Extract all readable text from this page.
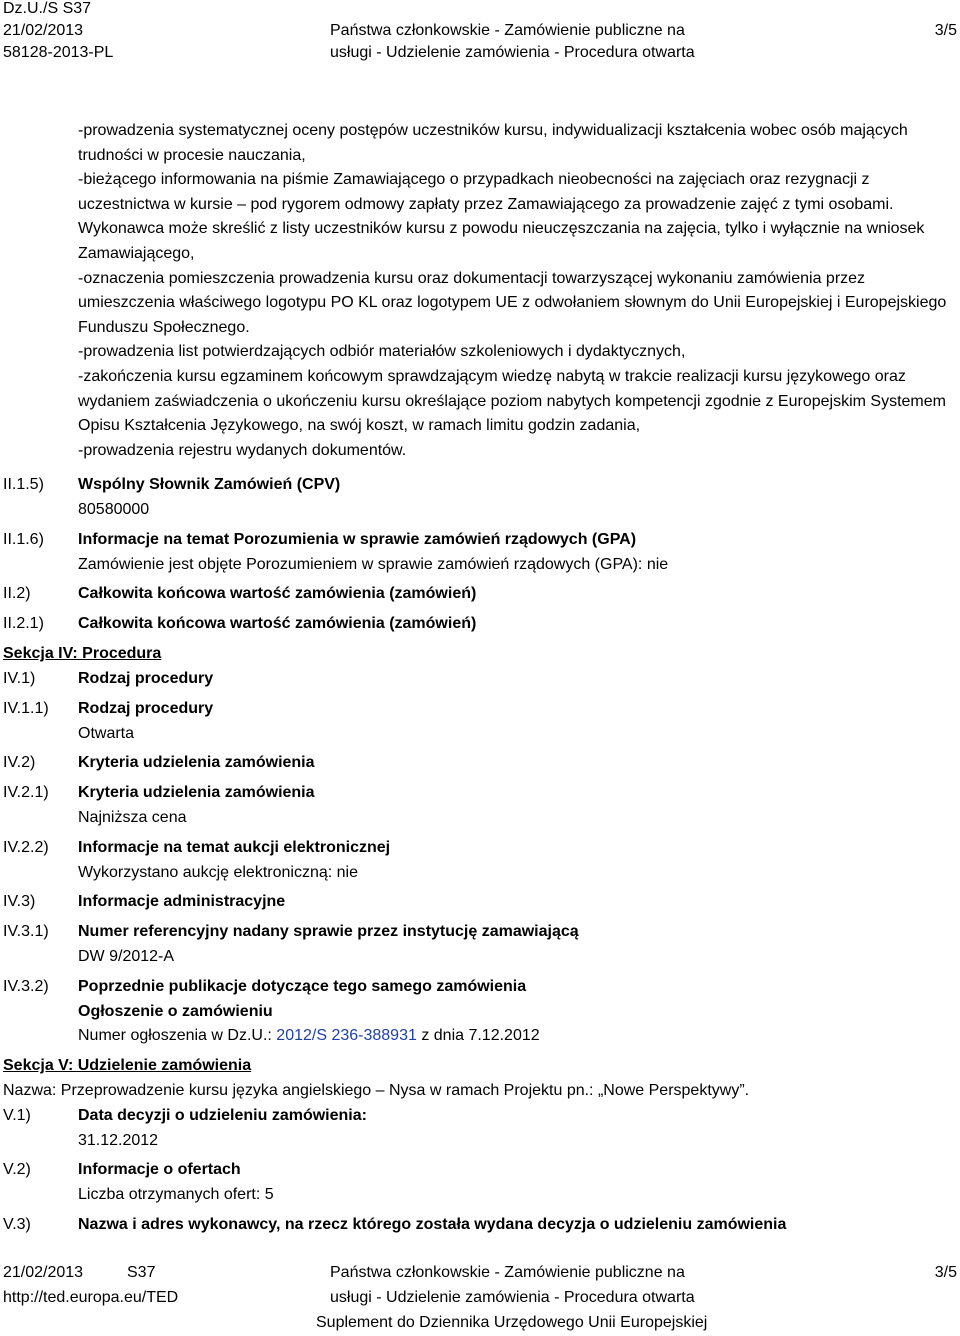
Dz.U./S S37
21/02/2013
58128-2013-PL
Państwa członkowskie - Zamówienie publiczne na
usługi - Udzielenie zamówienia - Procedura otwarta
3/5
-prowadzenia systematycznej oceny postępów uczestników kursu, indywidualizacji kształcenia wobec osób mających trudności w procesie nauczania,
-bieżącego informowania na piśmie Zamawiającego o przypadkach nieobecności na zajęciach oraz rezygnacji z uczestnictwa w kursie – pod rygorem odmowy zapłaty przez Zamawiającego za prowadzenie zajęć z tymi osobami. Wykonawca może skreślić z listy uczestników kursu z powodu nieuczęszczania na zajęcia, tylko i wyłącznie na wniosek Zamawiającego,
-oznaczenia pomieszczenia prowadzenia kursu oraz dokumentacji towarzyszącej wykonaniu zamówienia przez umieszczenia właściwego logotypu PO KL oraz logotypem UE z odwołaniem słownym do Unii Europejskiej i Europejskiego Funduszu Społecznego.
-prowadzenia list potwierdzających odbiór materiałów szkoleniowych i dydaktycznych,
-zakończenia kursu egzaminem końcowym sprawdzającym wiedzę nabytą w trakcie realizacji kursu językowego oraz wydaniem zaświadczenia o ukończeniu kursu określające poziom nabytych kompetencji zgodnie z Europejskim Systemem Opisu Kształcenia Językowego, na swój koszt, w ramach limitu godzin zadania,
-prowadzenia rejestru wydanych dokumentów.
II.1.5) Wspólny Słownik Zamówień (CPV)
80580000
II.1.6) Informacje na temat Porozumienia w sprawie zamówień rządowych (GPA)
Zamówienie jest objęte Porozumieniem w sprawie zamówień rządowych (GPA): nie
II.2)	Całkowita końcowa wartość zamówienia (zamówień)
II.2.1) Całkowita końcowa wartość zamówienia (zamówień)
Sekcja IV: Procedura
IV.1)	Rodzaj procedury
IV.1.1) Rodzaj procedury
Otwarta
IV.2)	Kryteria udzielenia zamówienia
IV.2.1) Kryteria udzielenia zamówienia
Najniższa cena
IV.2.2) Informacje na temat aukcji elektronicznej
Wykorzystano aukcję elektroniczną: nie
IV.3)	Informacje administracyjne
IV.3.1) Numer referencyjny nadany sprawie przez instytucję zamawiającą
DW 9/2012-A
IV.3.2) Poprzednie publikacje dotyczące tego samego zamówienia
Ogłoszenie o zamówieniu
Numer ogłoszenia w Dz.U.: 2012/S 236-388931 z dnia 7.12.2012
Sekcja V: Udzielenie zamówienia
Nazwa: Przeprowadzenie kursu języka angielskiego – Nysa w ramach Projektu pn.: „Nowe Perspektywy”.
V.1)	Data decyzji o udzieleniu zamówienia:
31.12.2012
V.2)	Informacje o ofertach
Liczba otrzymanych ofert: 5
V.3)	Nazwa i adres wykonawcy, na rzecz którego została wydana decyzja o udzieleniu zamówienia
21/02/2013	S37
http://ted.europa.eu/TED
Państwa członkowskie - Zamówienie publiczne na
usługi - Udzielenie zamówienia - Procedura otwarta
Suplement do Dziennika Urzędowego Unii Europejskiej
3/5
